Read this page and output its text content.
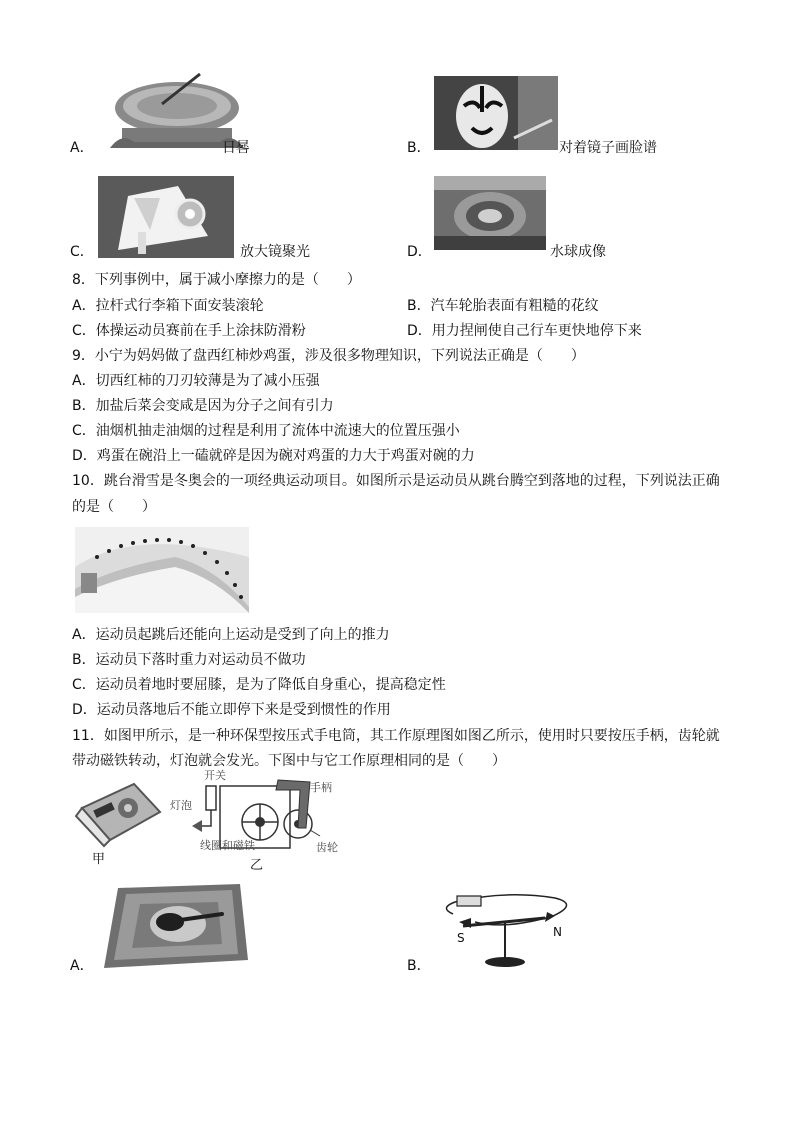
A．	日晷	B．	对着镜子画脸谱
C．	放大镜聚光	D．	水球成像
8．下列事例中，属于减小摩擦力的是（　　）
A．拉杆式行李箱下面安装滚轮	B．汽车轮胎表面有粗糙的花纹
C．体操运动员赛前在手上涂抹防滑粉	D．用力捏闸使自己行车更快地停下来
9．小宁为妈妈做了盘西红柿炒鸡蛋，涉及很多物理知识，下列说法正确是（　　）
A．切西红柿的刀刃较薄是为了减小压强
B．加盐后菜会变咸是因为分子之间有引力
C．油烟机抽走油烟的过程是利用了流体中流速大的位置压强小
D．鸡蛋在碗沿上一磕就碎是因为碗对鸡蛋的力大于鸡蛋对碗的力
10．跳台滑雪是冬奥会的一项经典运动项目。如图所示是运动员从跳台腾空到落地的过程，下列说法正确
的是（　　）
A．运动员起跳后还能向上运动是受到了向上的推力
B．运动员下落时重力对运动员不做功
C．运动员着地时要屈膝，是为了降低自身重心，提高稳定性
D．运动员落地后不能立即停下来是受到惯性的作用
11．如图甲所示，是一种环保型按压式手电筒，其工作原理图如图乙所示，使用时只要按压手柄，齿轮就
带动磁铁转动，灯泡就会发光。下图中与它工作原理相同的是（　　）
甲
开关
灯泡
手柄
线圈和磁铁	齿轮
乙
A．	B．
S	N
